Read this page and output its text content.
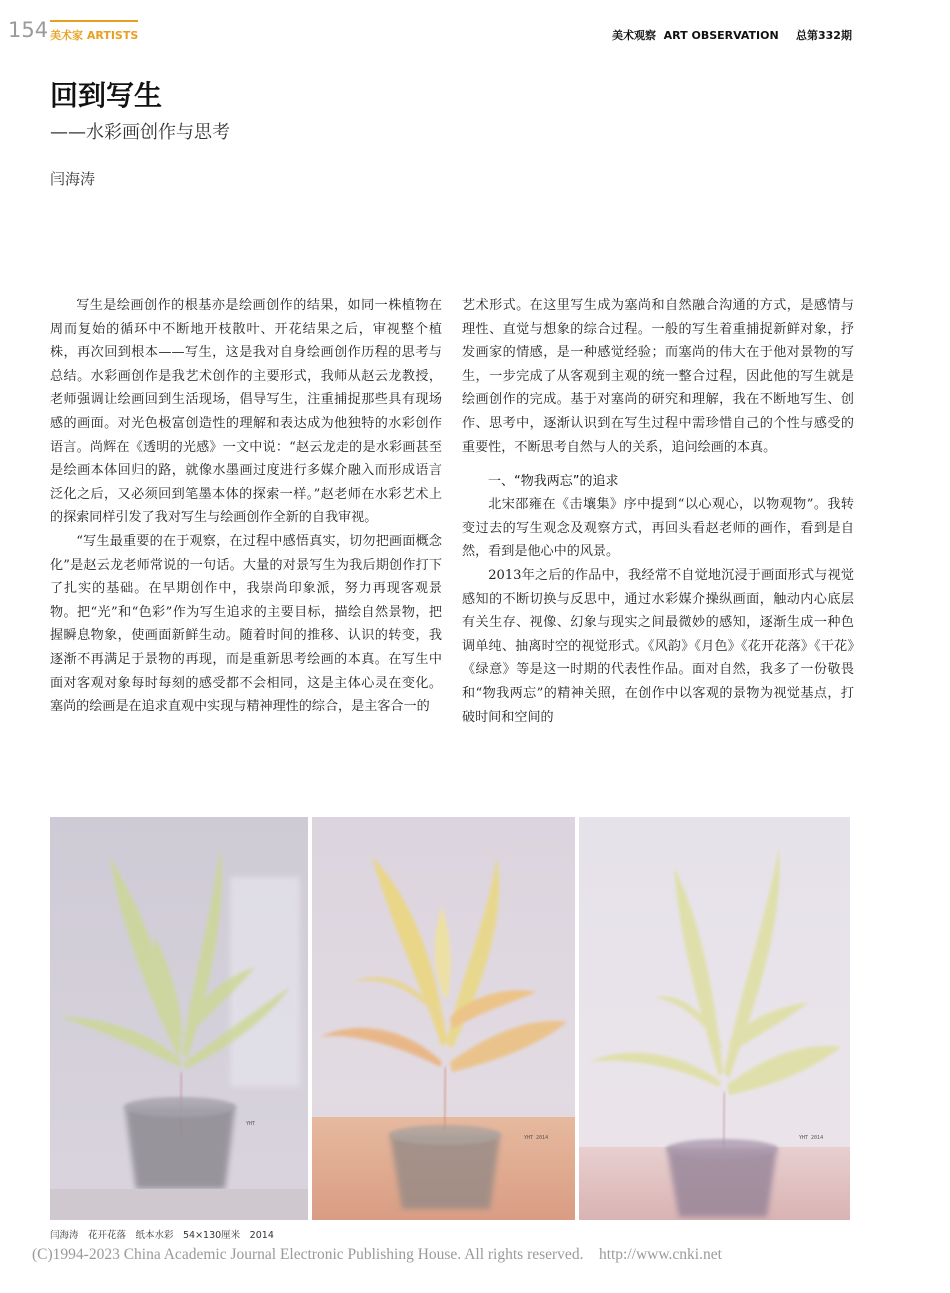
154 美术家 ARTISTS	美术观察  ART OBSERVATION 总第332期
回到写生
——水彩画创作与思考
闫海涛

写生是绘画创作的根基亦是绘画创作的结果，如同一株植物在周而复始的循环中不断地开枝散叶、开花结果之后，审视整个植株，再次回到根本——写生，这是我对自身绘画创作历程的思考与总结。水彩画创作是我艺术创作的主要形式，我师从赵云龙教授，老师强调让绘画回到生活现场，倡导写生，注重捕捉那些具有现场感的画面。对光色极富创造性的理解和表达成为他独特的水彩创作语言。尚辉在《透明的光感》一文中说：“赵云龙走的是水彩画甚至是绘画本体回归的路，就像水墨画过度进行多媒介融入而形成语言泛化之后，又必须回到笔墨本体的探索一样。”赵老师在水彩艺术上的探索同样引发了我对写生与绘画创作全新的自我审视。

“写生最重要的在于观察，在过程中感悟真实，切勿把画面概念化”是赵云龙老师常说的一句话。大量的对景写生为我后期创作打下了扎实的基础。在早期创作中，我崇尚印象派，努力再现客观景物。把“光”和“色彩”作为写生追求的主要目标，描绘自然景物，把握瞬息物象，使画面新鲜生动。随着时间的推移、认识的转变，我逐渐不再满足于景物的再现，而是重新思考绘画的本真。在写生中面对客观对象每时每刻的感受都不会相同，这是主体心灵在变化。塞尚的绘画是在追求直观中实现与精神理性的综合，是主客合一的

艺术形式。在这里写生成为塞尚和自然融合沟通的方式，是感情与理性、直觉与想象的综合过程。一般的写生着重捕捉新鲜对象，抒发画家的情感，是一种感觉经验；而塞尚的伟大在于他对景物的写生，一步完成了从客观到主观的统一整合过程，因此他的写生就是绘画创作的完成。基于对塞尚的研究和理解，我在不断地写生、创作、思考中，逐渐认识到在写生过程中需珍惜自己的个性与感受的重要性，不断思考自然与人的关系，追问绘画的本真。

一、“物我两忘”的追求

北宋邵雍在《击壤集》序中提到“以心观心，以物观物”。我转变过去的写生观念及观察方式，再回头看赵老师的画作，看到是自然，看到是他心中的风景。

2013年之后的作品中，我经常不自觉地沉浸于画面形式与视觉感知的不断切换与反思中，通过水彩媒介操纵画面，触动内心底层有关生存、视像、幻象与现实之间最微妙的感知，逐渐生成一种色调单纯、抽离时空的视觉形式。《风韵》《月色》《花开花落》《干花》《绿意》等是这一时期的代表性作品。面对自然，我多了一份敬畏和“物我两忘”的精神关照，在创作中以客观的景物为视觉基点，打破时间和空间的

YHT
YHT 2014	YHT 2014
闫海涛　花开花落　纸本水彩　54×130厘米　2014
(C)1994-2023 China Academic Journal Electronic Publishing House. All rights reserved.    http://www.cnki.net
